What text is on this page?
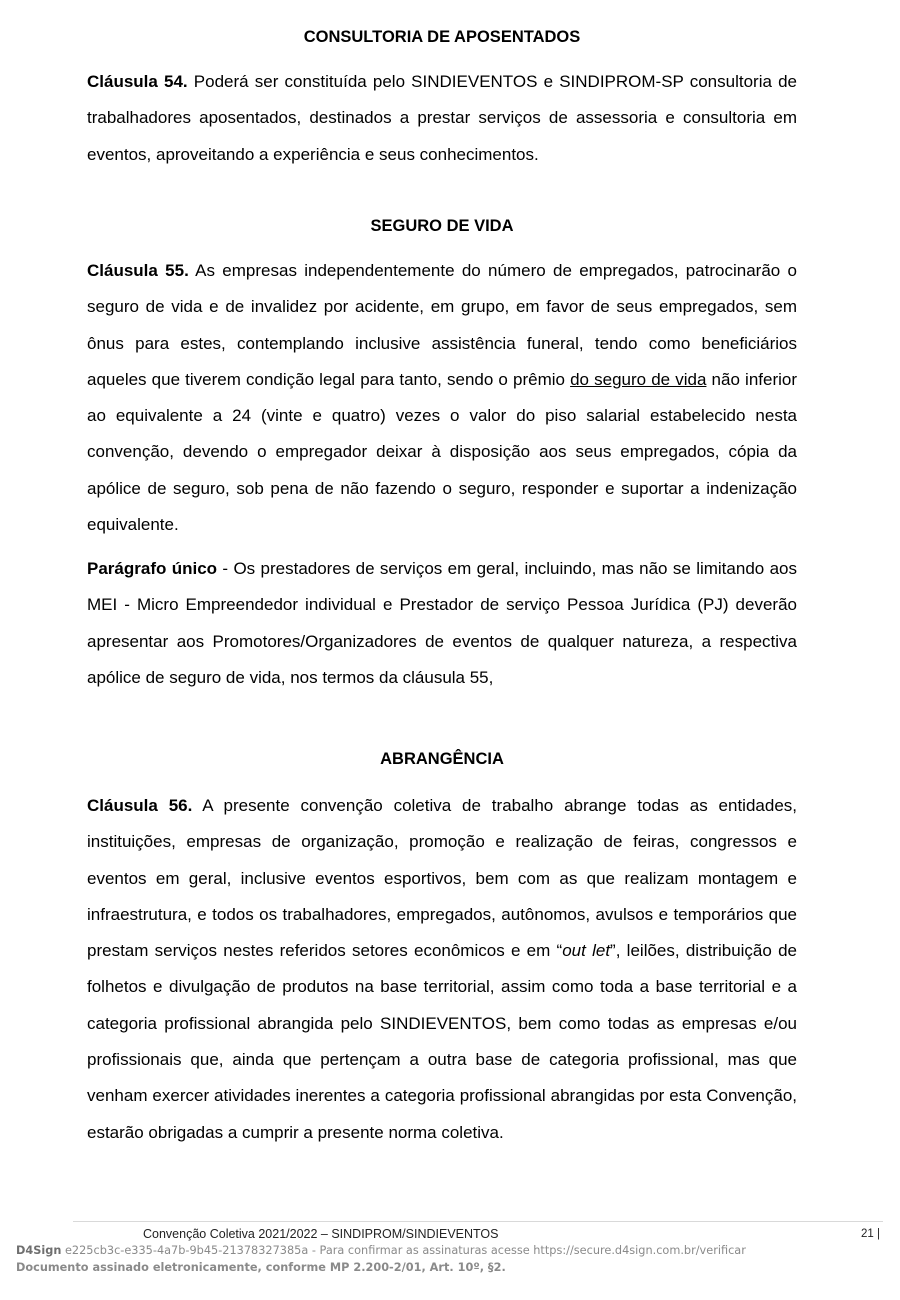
CONSULTORIA DE APOSENTADOS

Cláusula 54. Poderá ser constituída pelo SINDIEVENTOS e SINDIPROM-SP consultoria de trabalhadores aposentados, destinados a prestar serviços de assessoria e consultoria em eventos, aproveitando a experiência e seus conhecimentos.

SEGURO DE VIDA

Cláusula 55. As empresas independentemente do número de empregados, patrocinarão o seguro de vida e de invalidez por acidente, em grupo, em favor de seus empregados, sem ônus para estes, contemplando inclusive assistência funeral, tendo como beneficiários aqueles que tiverem condição legal para tanto, sendo o prêmio do seguro de vida não inferior ao equivalente a 24 (vinte e quatro) vezes o valor do piso salarial estabelecido nesta convenção, devendo o empregador deixar à disposição aos seus empregados, cópia da apólice de seguro, sob pena de não fazendo o seguro, responder e suportar a indenização equivalente.

Parágrafo único - Os prestadores de serviços em geral, incluindo, mas não se limitando aos MEI - Micro Empreendedor individual e Prestador de serviço Pessoa Jurídica (PJ) deverão apresentar aos Promotores/Organizadores de eventos de qualquer natureza, a respectiva apólice de seguro de vida, nos termos da cláusula 55,

ABRANGÊNCIA

Cláusula 56. A presente convenção coletiva de trabalho abrange todas as entidades, instituições, empresas de organização, promoção e realização de feiras, congressos e eventos em geral, inclusive eventos esportivos, bem com as que realizam montagem e infraestrutura, e todos os trabalhadores, empregados, autônomos, avulsos e temporários que prestam serviços nestes referidos setores econômicos e em “out let”, leilões, distribuição de folhetos e divulgação de produtos na base territorial, assim como toda a base territorial e a categoria profissional abrangida pelo SINDIEVENTOS, bem como todas as empresas e/ou profissionais que, ainda que pertençam a outra base de categoria profissional, mas que venham exercer atividades inerentes a categoria profissional abrangidas por esta Convenção, estarão obrigadas a cumprir a presente norma coletiva.

Convenção Coletiva 2021/2022 – SINDIPROM/SINDIEVENTOS	21 |
D4Sign e225cb3c-e335-4a7b-9b45-21378327385a - Para confirmar as assinaturas acesse https://secure.d4sign.com.br/verificar
Documento assinado eletronicamente, conforme MP 2.200-2/01, Art. 10º, §2.
